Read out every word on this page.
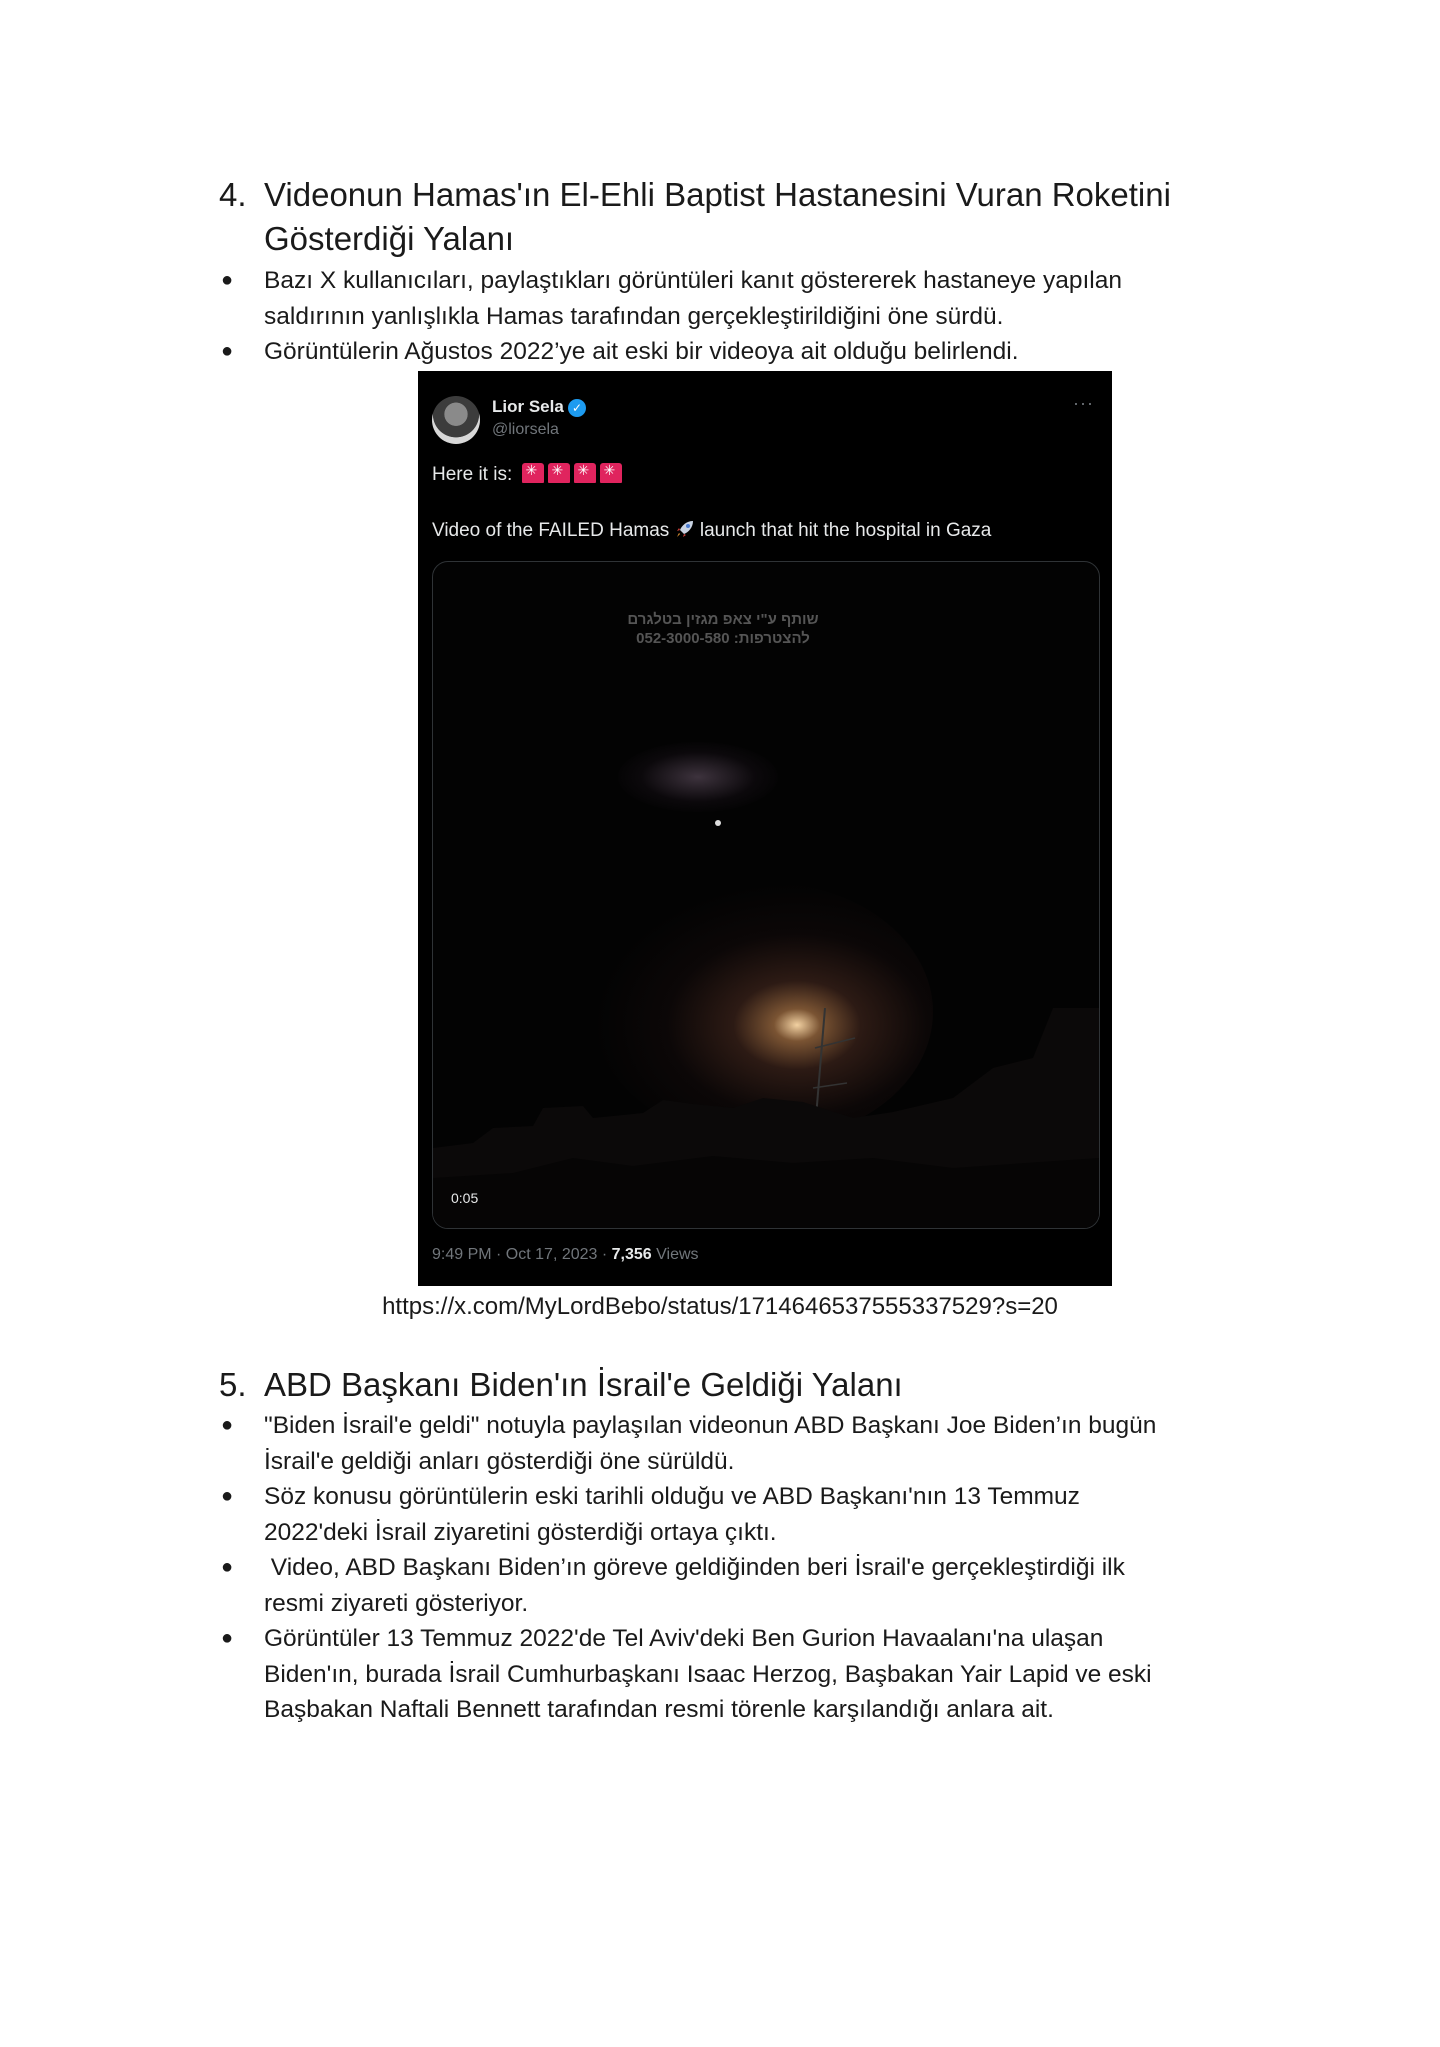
4. Videonun Hamas'ın El-Ehli Baptist Hastanesini Vuran Roketini
Gösterdiği Yalanı
● Bazı X kullanıcıları, paylaştıkları görüntüleri kanıt göstererek hastaneye yapılan
saldırının yanlışlıkla Hamas tarafından gerçekleştirildiğini öne sürdü.
● Görüntülerin Ağustos 2022’ye ait eski bir videoya ait olduğu belirlendi.
Lior Sela ✓
@liorsela
···
Here it is: ✳✳✳✳
Video of the FAILED Hamas launch that hit the hospital in Gaza
שותף ע"י צאפ מגזין בטלגרם
להצטרפות: 052-3000-580
0:05
9:49 PM · Oct 17, 2023 · 7,356 Views
https://x.com/MyLordBebo/status/1714646537555337529?s=20
5. ABD Başkanı Biden'ın İsrail'e Geldiği Yalanı
● "Biden İsrail'e geldi" notuyla paylaşılan videonun ABD Başkanı Joe Biden’ın bugün
İsrail'e geldiği anları gösterdiği öne sürüldü.
● Söz konusu görüntülerin eski tarihli olduğu ve ABD Başkanı'nın 13 Temmuz
2022'deki İsrail ziyaretini gösterdiği ortaya çıktı.
● Video, ABD Başkanı Biden’ın göreve geldiğinden beri İsrail'e gerçekleştirdiği ilk
resmi ziyareti gösteriyor.
● Görüntüler 13 Temmuz 2022'de Tel Aviv'deki Ben Gurion Havaalanı'na ulaşan
Biden'ın, burada İsrail Cumhurbaşkanı Isaac Herzog, Başbakan Yair Lapid ve eski
Başbakan Naftali Bennett tarafından resmi törenle karşılandığı anlara ait.
